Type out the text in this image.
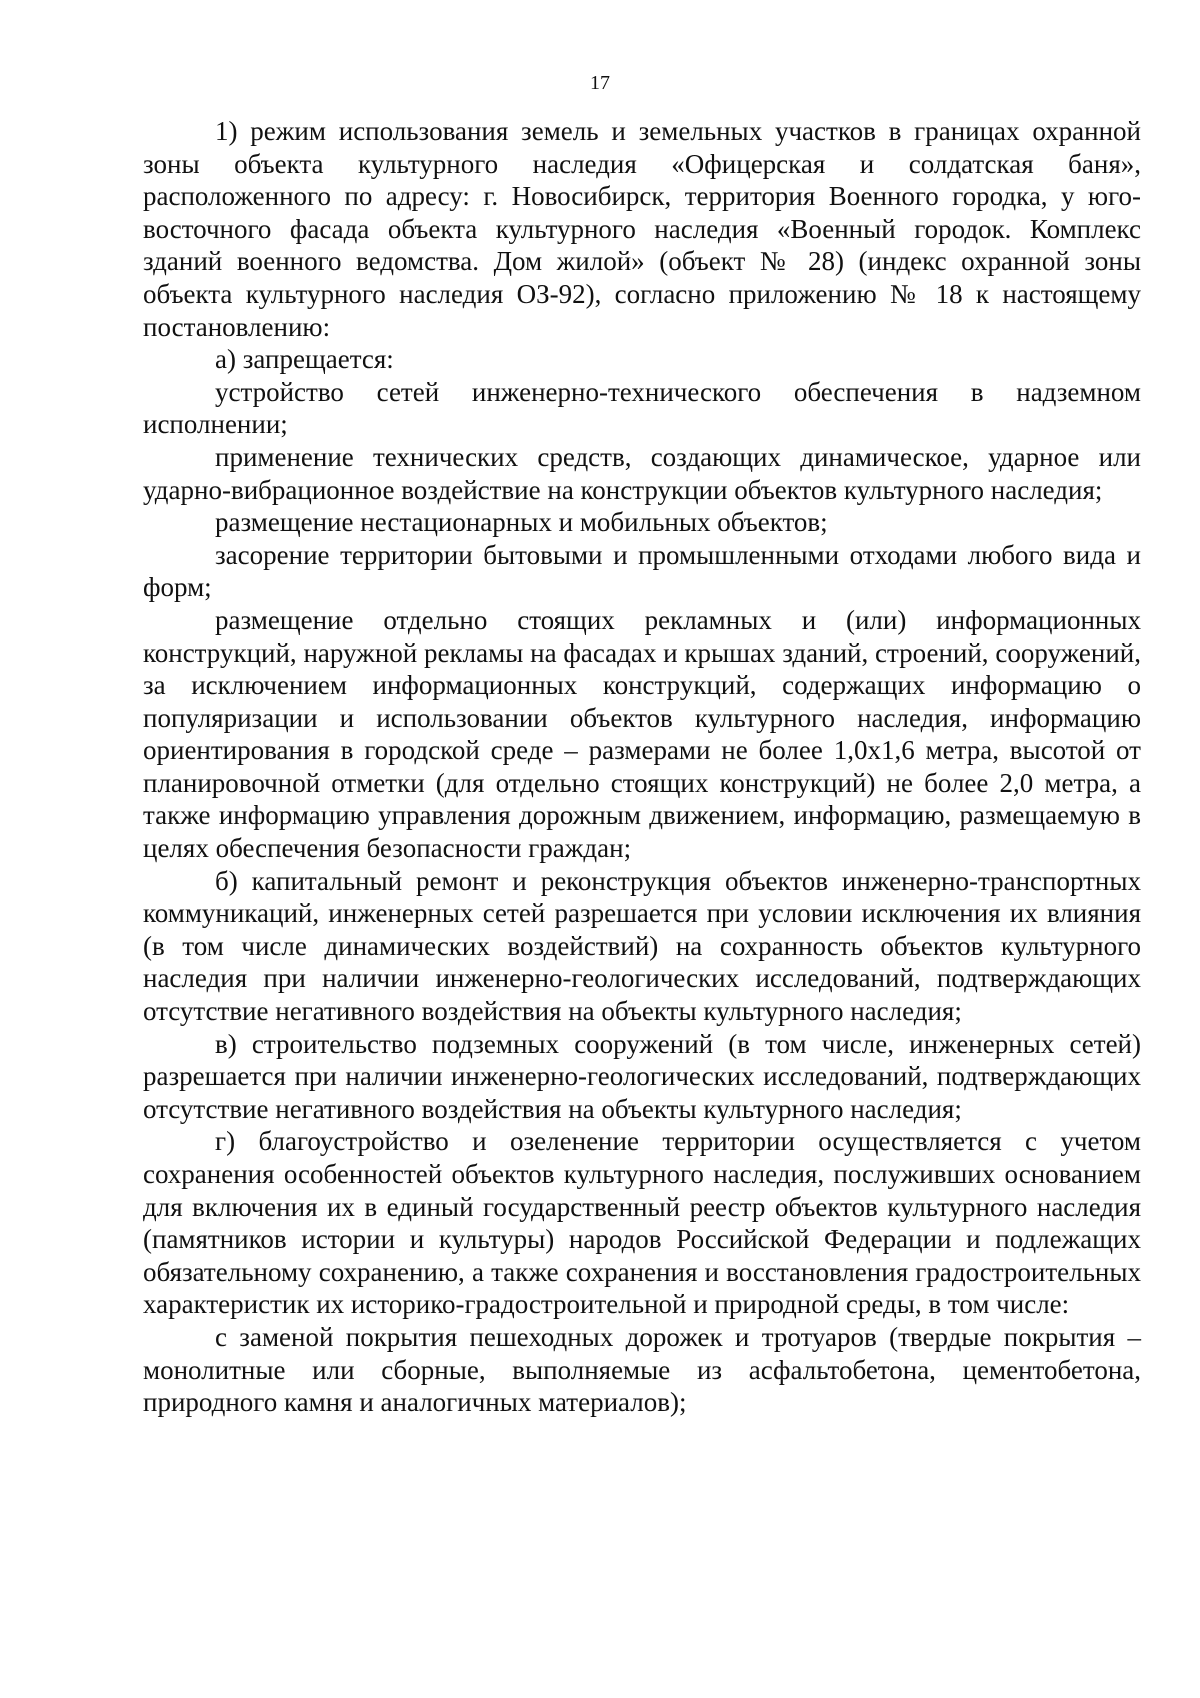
17

1) режим использования земель и земельных участков в границах охранной зоны объекта культурного наследия «Офицерская и солдатская баня», расположенного по адресу: г. Новосибирск, территория Военного городка, у юго-восточного фасада объекта культурного наследия «Военный городок. Комплекс зданий военного ведомства. Дом жилой» (объект № 28) (индекс охранной зоны объекта культурного наследия ОЗ-92), согласно приложению № 18 к настоящему постановлению:

а) запрещается:

устройство сетей инженерно-технического обеспечения в надземном исполнении;

применение технических средств, создающих динамическое, ударное или ударно-вибрационное воздействие на конструкции объектов культурного наследия;

размещение нестационарных и мобильных объектов;

засорение территории бытовыми и промышленными отходами любого вида и форм;

размещение отдельно стоящих рекламных и (или) информационных конструкций, наружной рекламы на фасадах и крышах зданий, строений, сооружений, за исключением информационных конструкций, содержащих информацию о популяризации и использовании объектов культурного наследия, информацию ориентирования в городской среде – размерами не более 1,0х1,6 метра, высотой от планировочной отметки (для отдельно стоящих конструкций) не более 2,0 метра, а также информацию управления дорожным движением, информацию, размещаемую в целях обеспечения безопасности граждан;

б) капитальный ремонт и реконструкция объектов инженерно-транспортных коммуникаций, инженерных сетей разрешается при условии исключения их влияния (в том числе динамических воздействий) на сохранность объектов культурного наследия при наличии инженерно-геологических исследований, подтверждающих отсутствие негативного воздействия на объекты культурного наследия;

в) строительство подземных сооружений (в том числе, инженерных сетей) разрешается при наличии инженерно-геологических исследований, подтверждающих отсутствие негативного воздействия на объекты культурного наследия;

г) благоустройство и озеленение территории осуществляется с учетом сохранения особенностей объектов культурного наследия, послуживших основанием для включения их в единый государственный реестр объектов культурного наследия (памятников истории и культуры) народов Российской Федерации и подлежащих обязательному сохранению, а также сохранения и восстановления градостроительных характеристик их историко-градостроительной и природной среды, в том числе:

с заменой покрытия пешеходных дорожек и тротуаров (твердые покрытия – монолитные или сборные, выполняемые из асфальтобетона, цементобетона, природного камня и аналогичных материалов);
